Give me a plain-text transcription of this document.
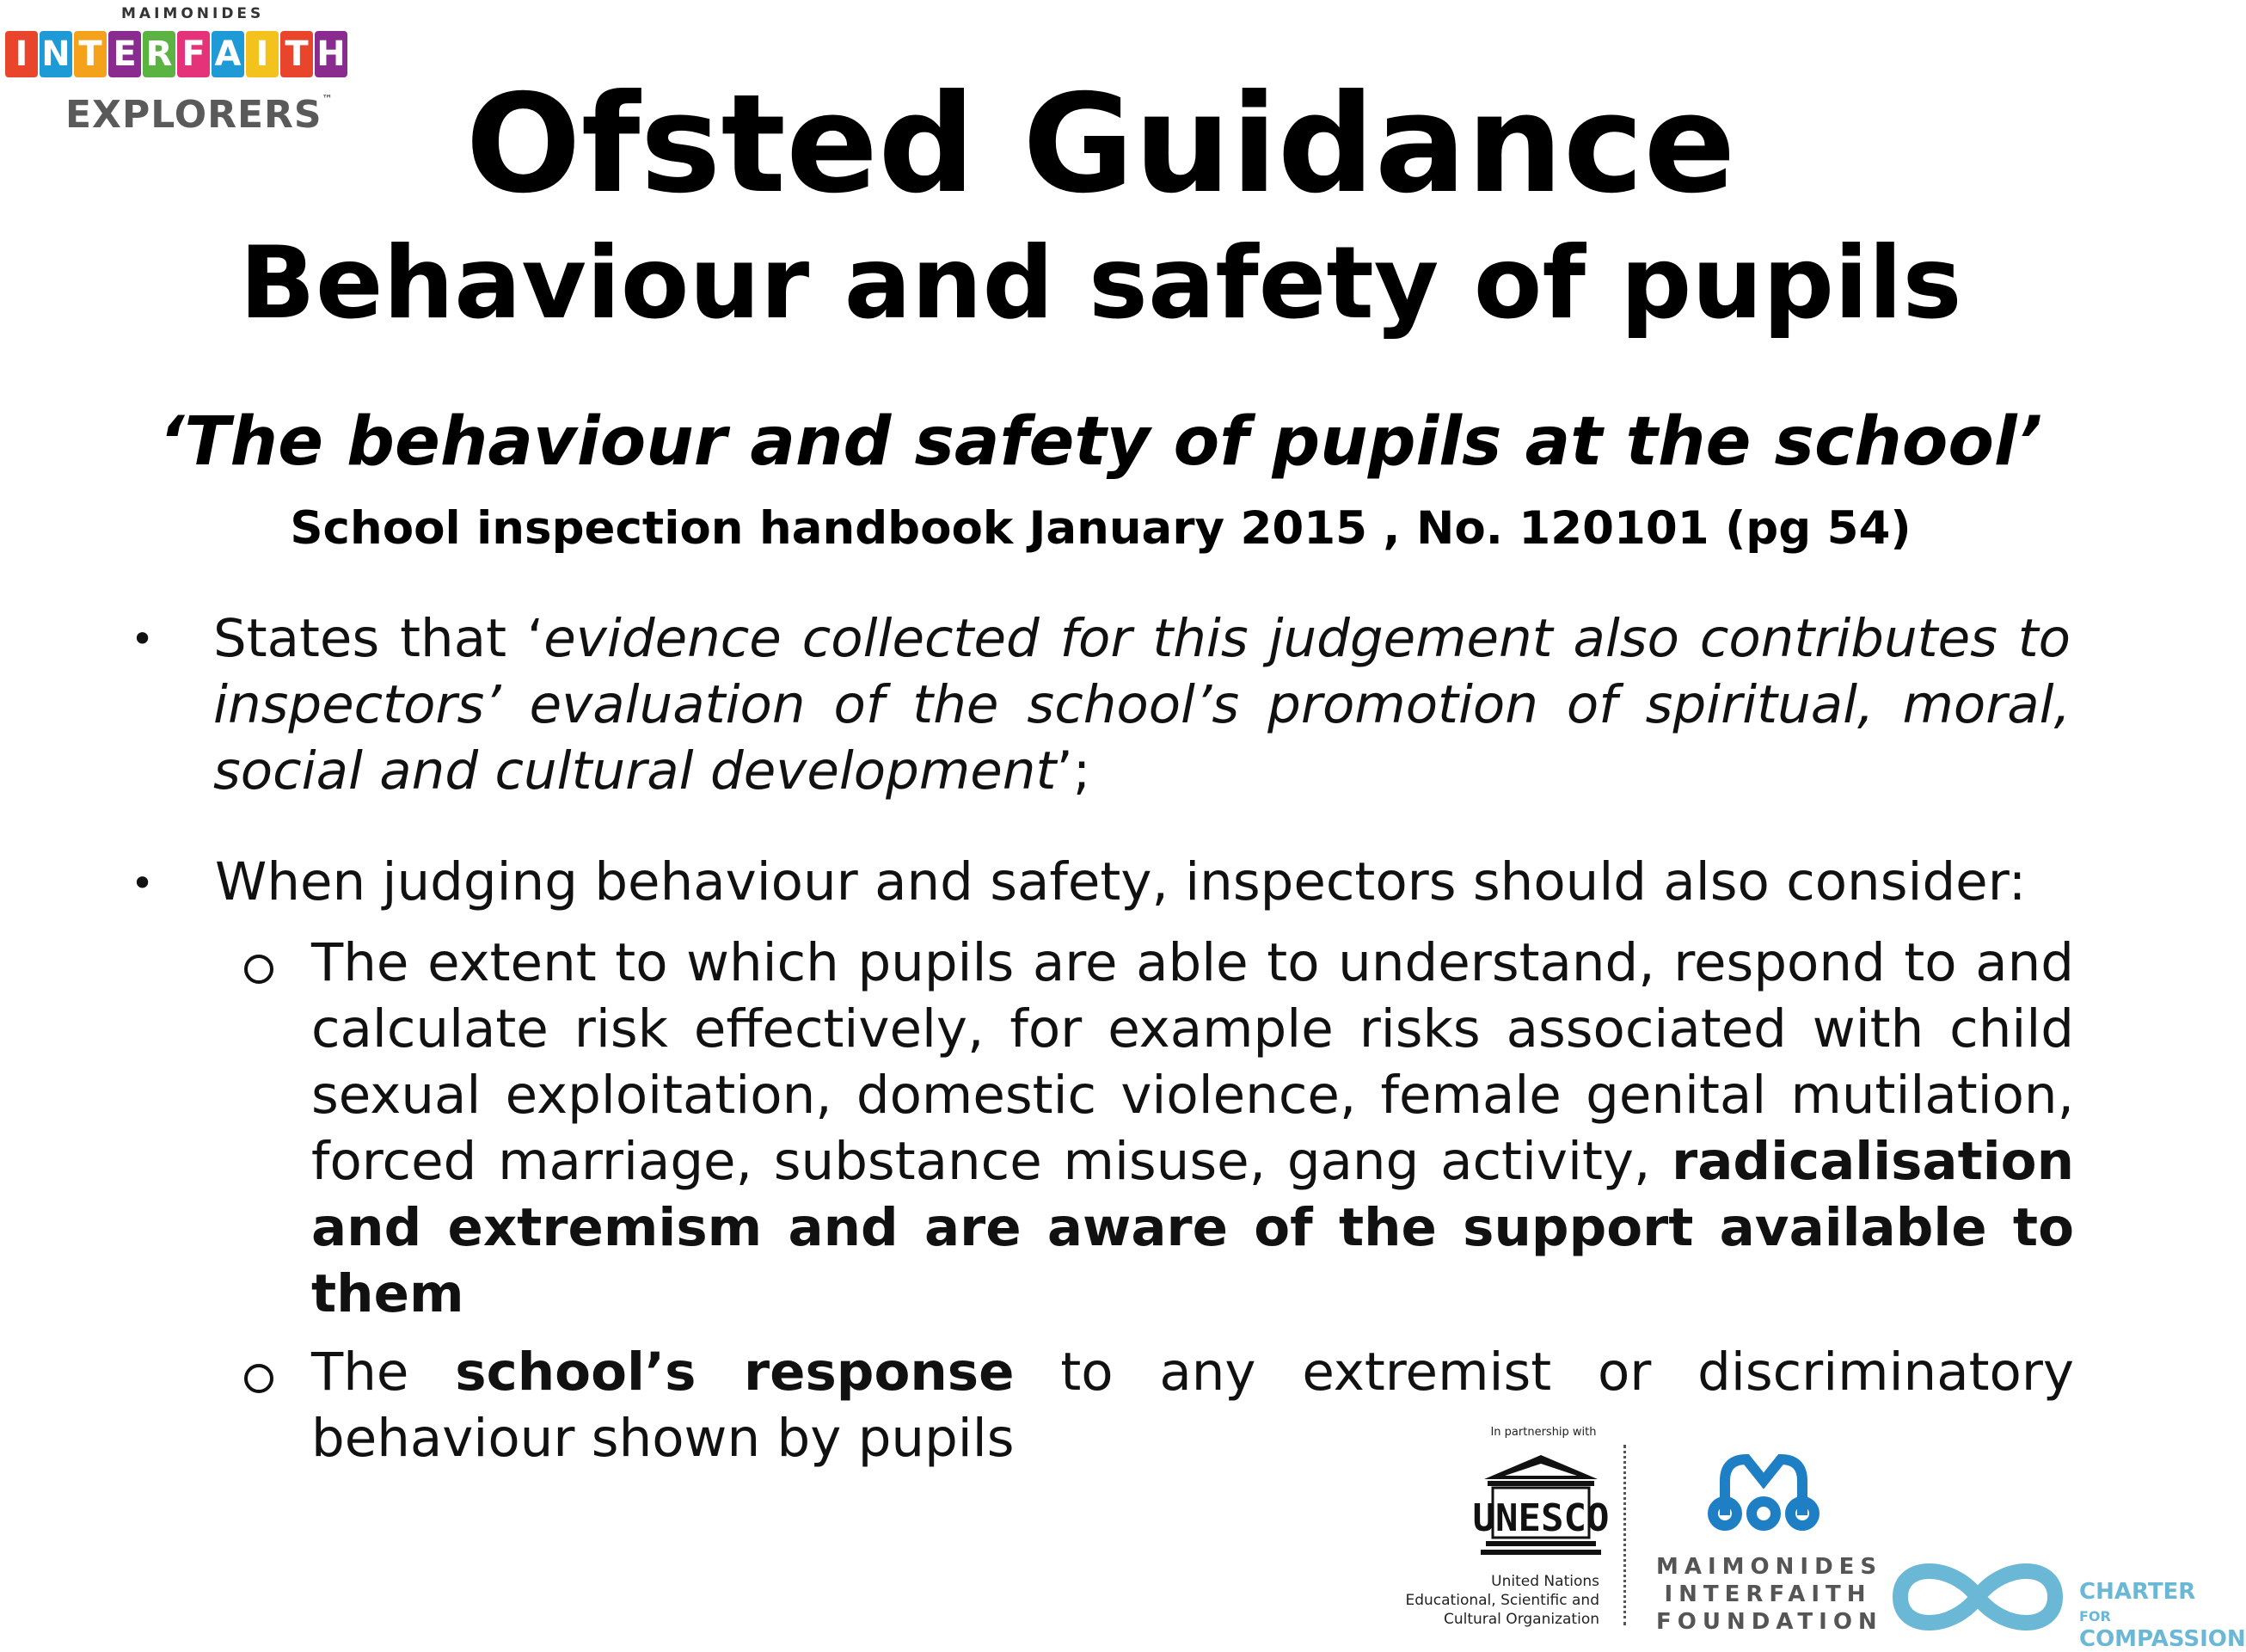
MAIMONIDES
I N T E R F A I T H
EXPLORERS™ Ofsted Guidance
Behaviour and safety of pupils
‘The behaviour and safety of pupils at the school’
School inspection handbook January 2015 , No. 120101 (pg 54)
• States that ‘evidence collected for this judgement also contributes to inspectors’ evaluation of the school’s promotion of spiritual, moral, social and cultural development’;
• When judging behaviour and safety, inspectors should also consider:
The extent to which pupils are able to understand, respond to and calculate risk effectively, for example risks associated with child sexual exploitation, domestic violence, female genital mutilation, forced marriage, substance misuse, gang activity, radicalisation and extremism and are aware of the support available to them
The school’s response to any extremist or discriminatory behaviour shown by pupils	In partnership with
UNESCO
United Nations
Educational, Scientific and
Cultural Organization
MAIMONIDES
INTERFAITH
FOUNDATION
CHARTER FOR
COMPASSION
